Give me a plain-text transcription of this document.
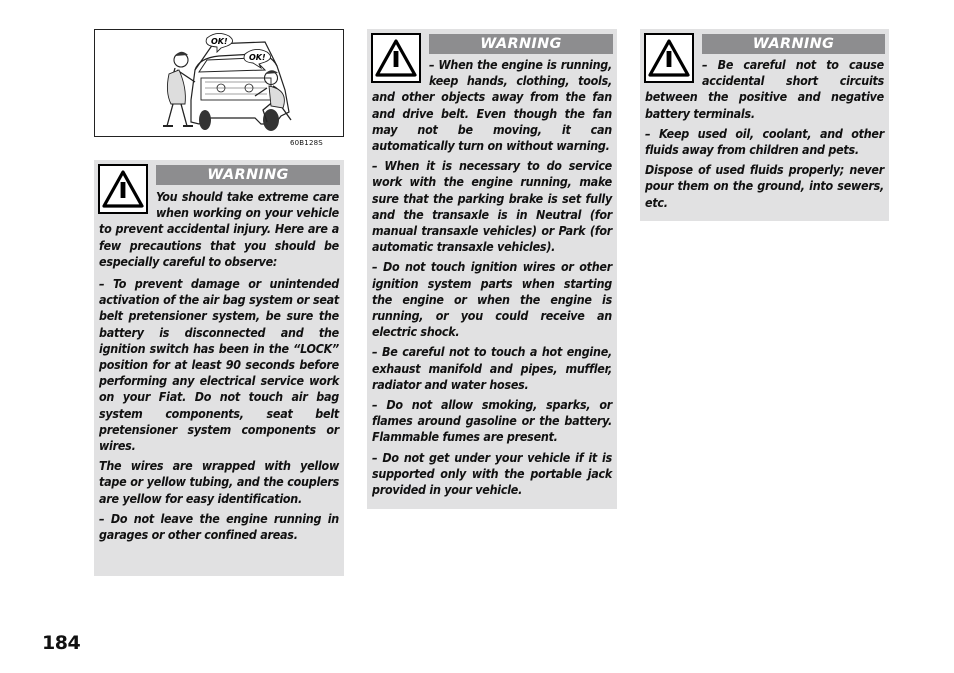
OK!
OK!
60B128S
WARNING

You should take extreme care when working on your vehicle to prevent accidental injury. Here are a few precautions that you should be especially careful to observe:

– To prevent damage or unintended activation of the air bag system or seat belt pretensioner system, be sure the battery is disconnected and the ignition switch has been in the “LOCK” position for at least 90 seconds before performing any electrical service work on your Fiat. Do not touch air bag system components, seat belt pretensioner system components or wires.

The wires are wrapped with yellow tape or yellow tubing, and the couplers are yellow for easy identification.

– Do not leave the engine running in garages or other confined areas.

WARNING

– When the engine is running, keep hands, clothing, tools, and other objects away from the fan and drive belt. Even though the fan may not be moving, it can automatically turn on without warning.

– When it is necessary to do service work with the engine running, make sure that the parking brake is set fully and the transaxle is in Neutral (for manual transaxle vehicles) or Park (for automatic transaxle vehicles).

– Do not touch ignition wires or other ignition system parts when starting the engine or when the engine is running, or you could receive an electric shock.

– Be careful not to touch a hot engine, exhaust manifold and pipes, muffler, radiator and water hoses.

– Do not allow smoking, sparks, or flames around gasoline or the battery. Flammable fumes are present.

– Do not get under your vehicle if it is supported only with the portable jack provided in your vehicle.

WARNING

– Be careful not to cause accidental short circuits between the positive and negative battery terminals.

– Keep used oil, coolant, and other fluids away from children and pets.

Dispose of used fluids properly; never pour them on the ground, into sewers, etc.

184
